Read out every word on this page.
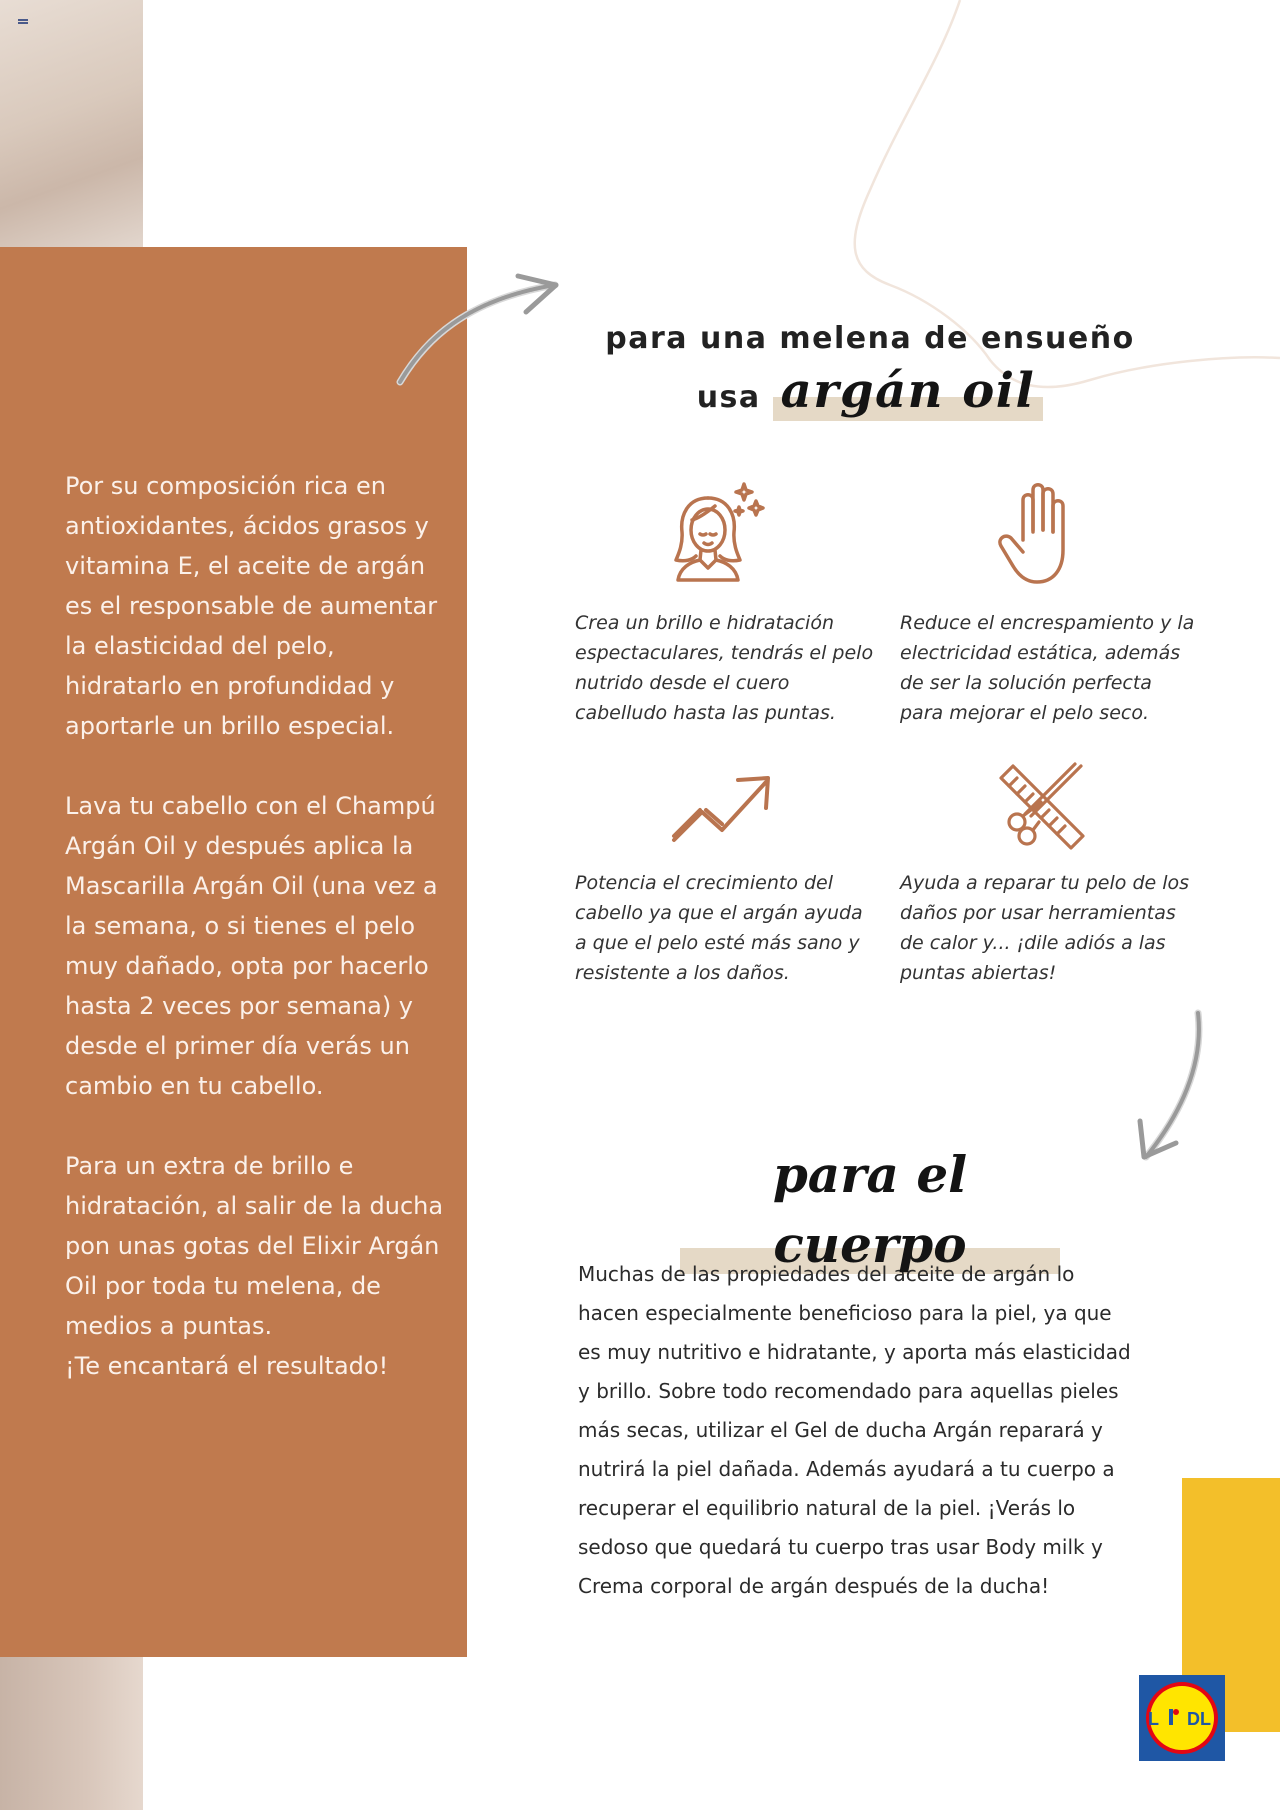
Por su composición rica en antioxidantes, ácidos grasos y vitamina E, el aceite de argán es el responsable de aumentar la elasticidad del pelo, hidratarlo en profundidad y aportarle un brillo especial.

Lava tu cabello con el Champú Argán Oil y después aplica la Mascarilla Argán Oil (una vez a la semana, o si tienes el pelo muy dañado, opta por hacerlo hasta 2 veces por semana) y desde el primer día verás un cambio en tu cabello.

Para un extra de brillo e hidratación, al salir de la ducha pon unas gotas del Elixir Argán Oil por toda tu melena, de medios a puntas.

¡Te encantará el resultado!

para una melena de ensueño
usa argán oil

Crea un brillo e hidratación espectaculares, tendrás el pelo nutrido desde el cuero cabelludo hasta las puntas.

Reduce el encrespamiento y la electricidad estática, además de ser la solución perfecta para mejorar el pelo seco.

Potencia el crecimiento del cabello ya que el argán ayuda a que el pelo esté más sano y resistente a los daños.

Ayuda a reparar tu pelo de los daños por usar herramientas de calor y... ¡dile adiós a las puntas abiertas!

para el cuerpo

Muchas de las propiedades del aceite de argán lo hacen especialmente beneficioso para la piel, ya que es muy nutritivo e hidratante, y aporta más elasticidad y brillo. Sobre todo recomendado para aquellas pieles más secas, utilizar el Gel de ducha Argán reparará y nutrirá la piel dañada. Además ayudará a tu cuerpo a recuperar el equilibrio natural de la piel. ¡Verás lo sedoso que quedará tu cuerpo tras usar Body milk y Crema corporal de argán después de la ducha!

L DL
